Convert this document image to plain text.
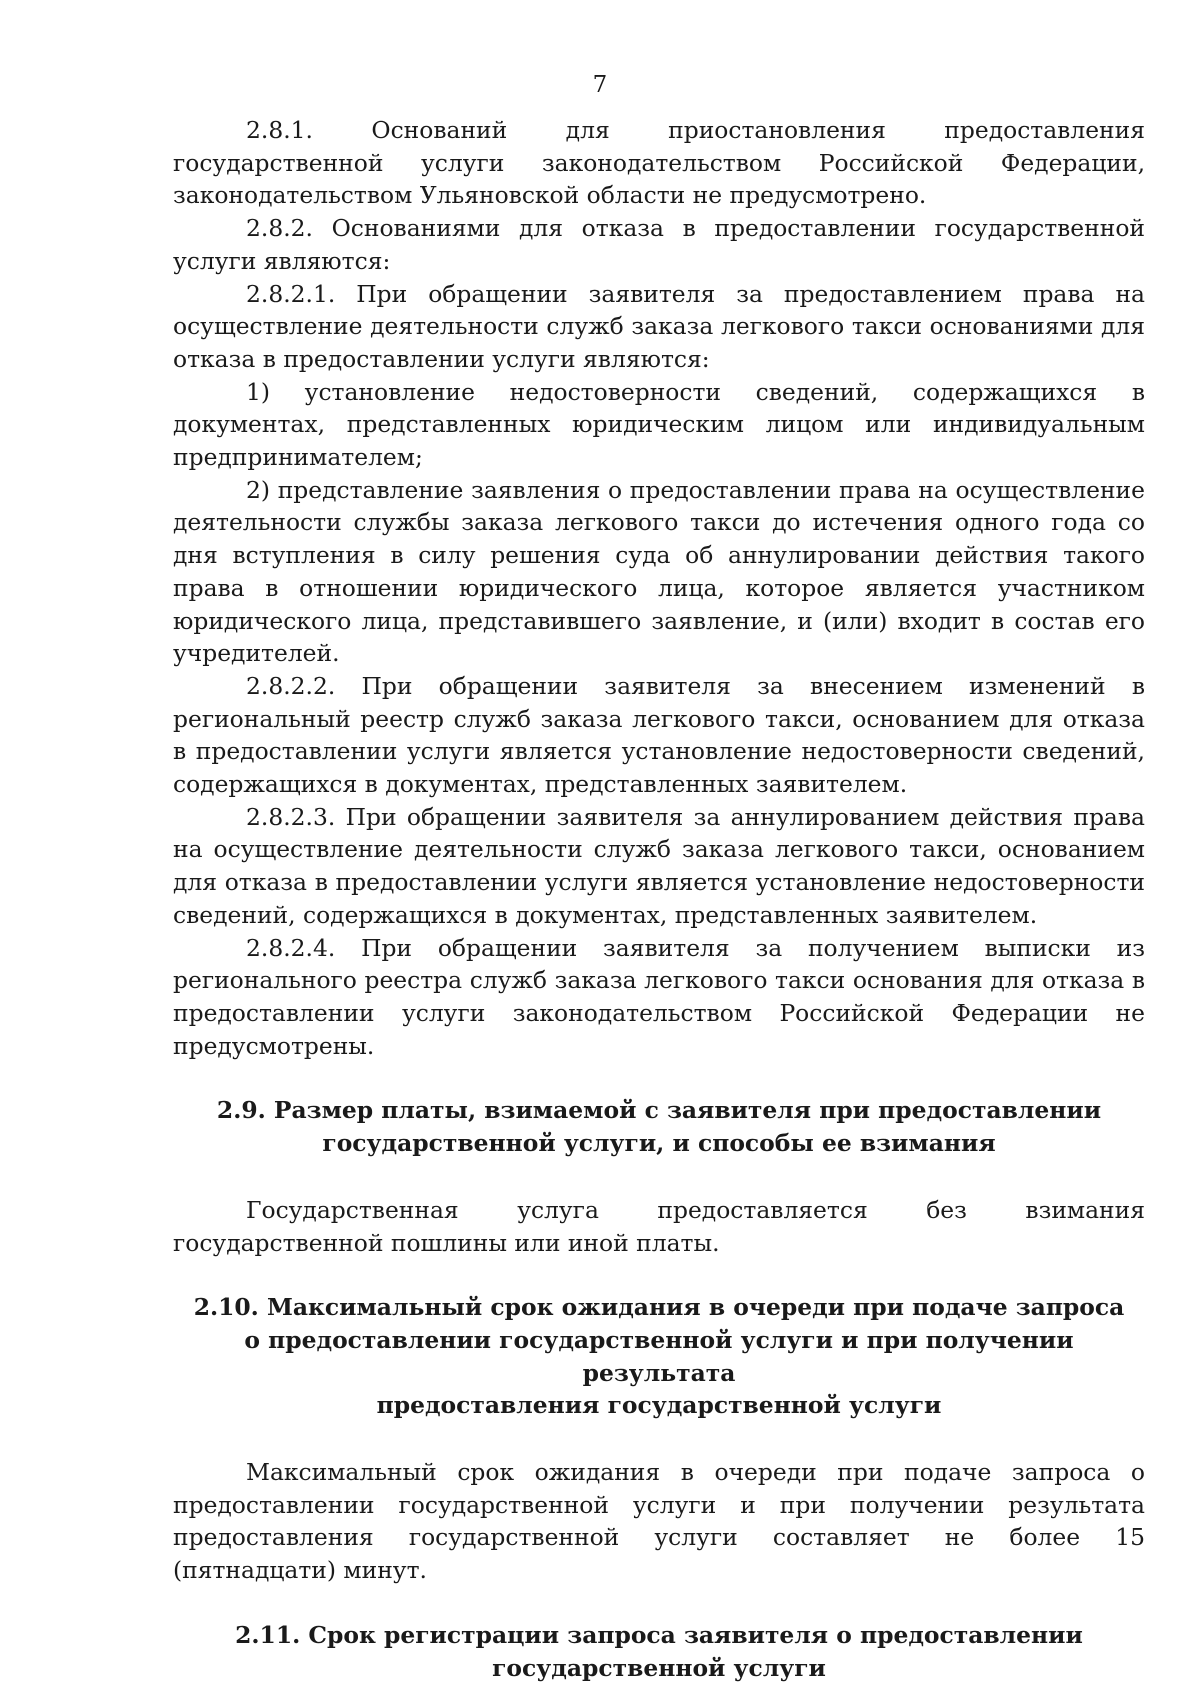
7

2.8.1. Оснований для приостановления предоставления государственной услуги законодательством Российской Федерации, законодательством Ульяновской области не предусмотрено.

2.8.2. Основаниями для отказа в предоставлении государственной услуги являются:

2.8.2.1. При обращении заявителя за предоставлением права на осуществление деятельности служб заказа легкового такси основаниями для отказа в предоставлении услуги являются:

1) установление недостоверности сведений, содержащихся в документах, представленных юридическим лицом или индивидуальным предпринимателем;

2) представление заявления о предоставлении права на осуществление деятельности службы заказа легкового такси до истечения одного года со дня вступления в силу решения суда об аннулировании действия такого права в отношении юридического лица, которое является участником юридического лица, представившего заявление, и (или) входит в состав его учредителей.

2.8.2.2. При обращении заявителя за внесением изменений в региональный реестр служб заказа легкового такси, основанием для отказа в предоставлении услуги является установление недостоверности сведений, содержащихся в документах, представленных заявителем.

2.8.2.3. При обращении заявителя за аннулированием действия права на осуществление деятельности служб заказа легкового такси, основанием для отказа в предоставлении услуги является установление недостоверности сведений, содержащихся в документах, представленных заявителем.

2.8.2.4. При обращении заявителя за получением выписки из регионального реестра служб заказа легкового такси основания для отказа в предоставлении услуги законодательством Российской Федерации не предусмотрены.

2.9. Размер платы, взимаемой с заявителя при предоставлении

государственной услуги, и способы ее взимания

Государственная услуга предоставляется без взимания государственной пошлины или иной платы.

2.10. Максимальный срок ожидания в очереди при подаче запроса

о предоставлении государственной услуги и при получении результата

предоставления государственной услуги

Максимальный срок ожидания в очереди при подаче запроса о предоставлении государственной услуги и при получении результата предоставления государственной услуги составляет не более 15 (пятнадцати) минут.

2.11. Срок регистрации запроса заявителя о предоставлении

государственной услуги
